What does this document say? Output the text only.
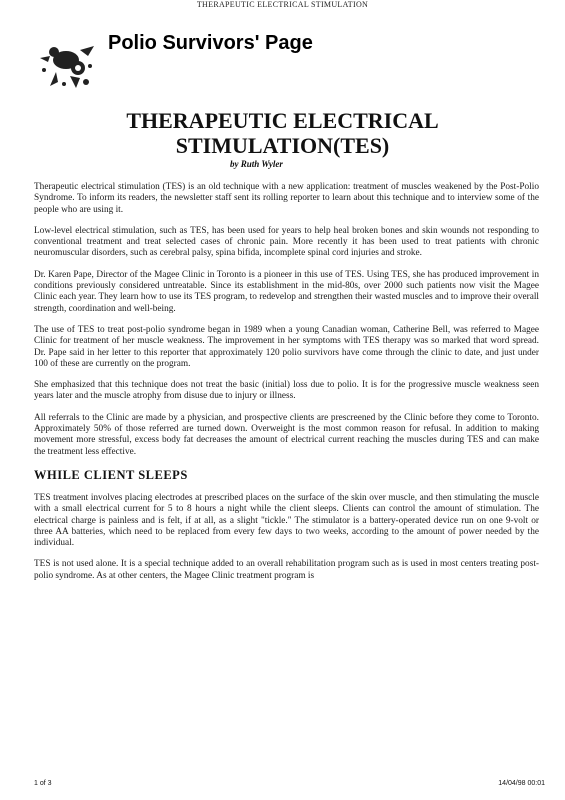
THERAPEUTIC ELECTRICAL STIMULATION
Polio Survivors' Page
THERAPEUTIC ELECTRICAL
STIMULATION(TES)
by Ruth Wyler

Therapeutic electrical stimulation (TES) is an old technique with a new application: treatment of muscles weakened by the Post-Polio Syndrome. To inform its readers, the newsletter staff sent its rolling reporter to learn about this technique and to interview some of the people who are using it.

Low-level electrical stimulation, such as TES, has been used for years to help heal broken bones and skin wounds not responding to conventional treatment and treat selected cases of chronic pain. More recently it has been used to treat patients with chronic neuromuscular disorders, such as cerebral palsy, spina bifida, incomplete spinal cord injuries and stroke.

Dr. Karen Pape, Director of the Magee Clinic in Toronto is a pioneer in this use of TES. Using TES, she has produced improvement in conditions previously considered untreatable. Since its establishment in the mid-80s, over 2000 such patients now visit the Magee Clinic each year. They learn how to use its TES program, to redevelop and strengthen their wasted muscles and to improve their overall strength, coordination and well-being.

The use of TES to treat post-polio syndrome began in 1989 when a young Canadian woman, Catherine Bell, was referred to Magee Clinic for treatment of her muscle weakness. The improvement in her symptoms with TES therapy was so marked that word spread. Dr. Pape said in her letter to this reporter that approximately 120 polio survivors have come through the clinic to date, and just under 100 of these are currently on the program.

She emphasized that this technique does not treat the basic (initial) loss due to polio. It is for the progressive muscle weakness seen years later and the muscle atrophy from disuse due to injury or illness.

All referrals to the Clinic are made by a physician, and prospective clients are prescreened by the Clinic before they come to Toronto. Approximately 50% of those referred are turned down. Overweight is the most common reason for refusal. In addition to making movement more stressful, excess body fat decreases the amount of electrical current reaching the muscles during TES and can make the treatment less effective.

WHILE CLIENT SLEEPS

TES treatment involves placing electrodes at prescribed places on the surface of the skin over muscle, and then stimulating the muscle with a small electrical current for 5 to 8 hours a night while the client sleeps. Clients can control the amount of stimulation. The electrical charge is painless and is felt, if at all, as a slight "tickle." The stimulator is a battery-operated device run on one 9-volt or three AA batteries, which need to be replaced from every few days to two weeks, according to the amount of power needed by the individual.

TES is not used alone. It is a special technique added to an overall rehabilitation program such as is used in most centers treating post-polio syndrome. As at other centers, the Magee Clinic treatment program is

1 of 3	14/04/98 00:01
